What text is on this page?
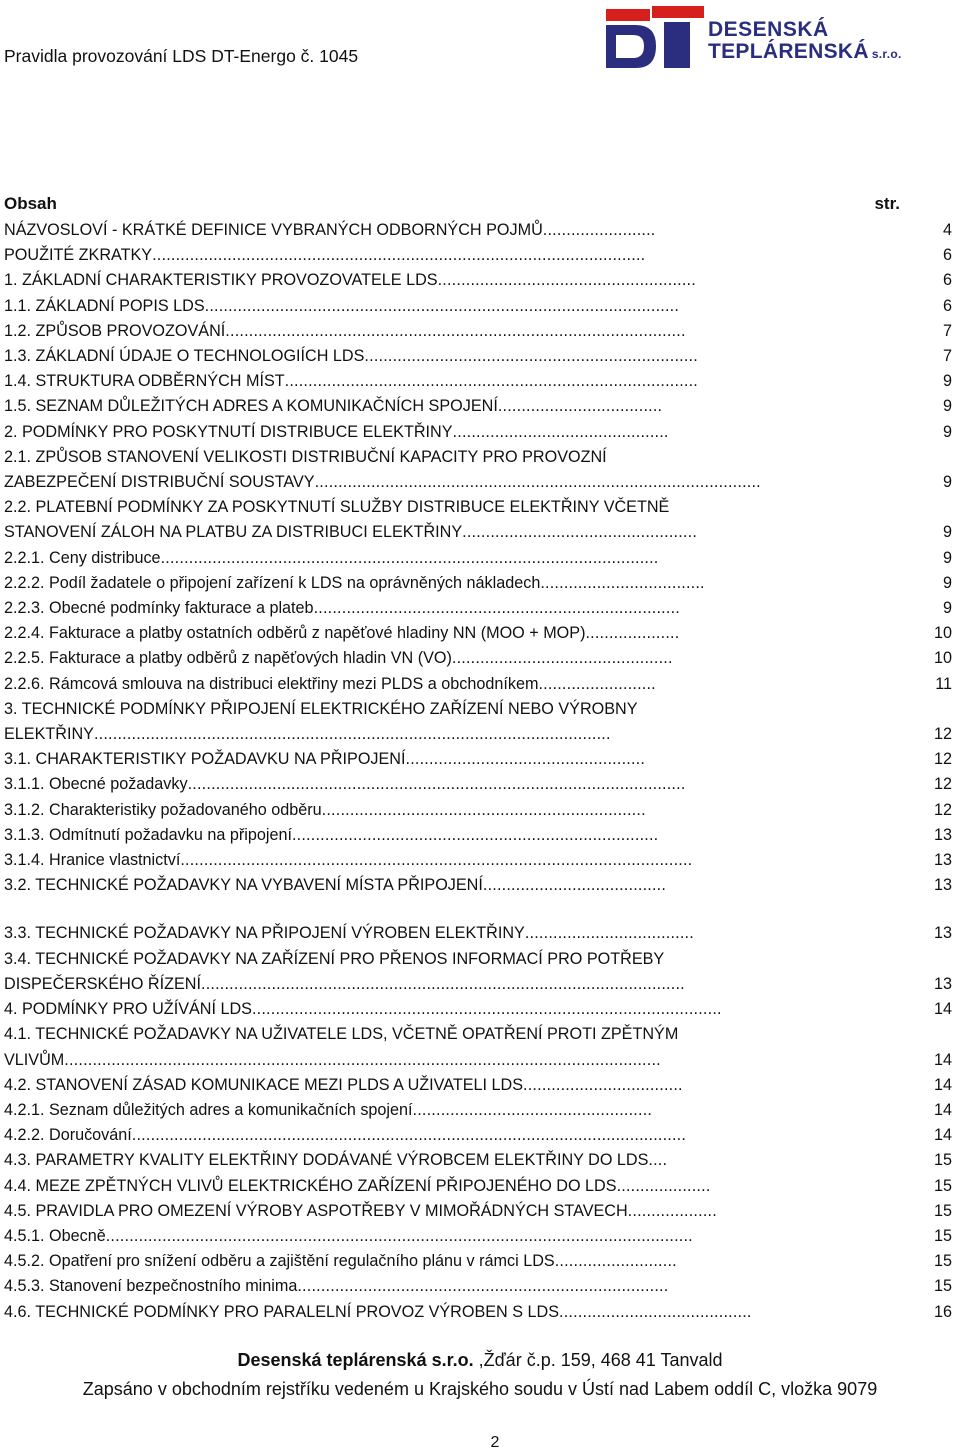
Pravidla provozování LDS DT-Energo č. 1045
DESENSKÁ
TEPLÁRENSKÁ s.r.o.
Obsah	str.
NÁZVOSLOVÍ - KRÁTKÉ DEFINICE VYBRANÝCH ODBORNÝCH POJMŮ........................	4
POUŽITÉ ZKRATKY.........................................................................................................	6
1. ZÁKLADNÍ CHARAKTERISTIKY PROVOZOVATELE LDS.......................................................	6
1.1. ZÁKLADNÍ POPIS LDS.....................................................................................................	6
1.2. ZPŮSOB PROVOZOVÁNÍ..................................................................................................	7
1.3. ZÁKLADNÍ ÚDAJE O TECHNOLOGIÍCH LDS.......................................................................	7
1.4. STRUKTURA ODBĚRNÝCH MÍST........................................................................................	9
1.5. SEZNAM DŮLEŽITÝCH ADRES A KOMUNIKAČNÍCH SPOJENÍ...................................	9
2. PODMÍNKY PRO POSKYTNUTÍ DISTRIBUCE ELEKTŘINY..............................................	9
2.1. ZPŮSOB STANOVENÍ VELIKOSTI DISTRIBUČNÍ KAPACITY PRO PROVOZNÍ
ZABEZPEČENÍ DISTRIBUČNÍ SOUSTAVY...............................................................................................	9
2.2. PLATEBNÍ PODMÍNKY ZA POSKYTNUTÍ SLUŽBY DISTRIBUCE ELEKTŘINY VČETNĚ
STANOVENÍ ZÁLOH NA PLATBU ZA DISTRIBUCI ELEKTŘINY..................................................	9
2.2.1. Ceny distribuce..........................................................................................................	9
2.2.2. Podíl žadatele o připojení zařízení k LDS na oprávněných nákladech...................................	9
2.2.3. Obecné podmínky fakturace a plateb..............................................................................	9
2.2.4. Fakturace a platby ostatních odběrů z napěťové hladiny NN (MOO + MOP)....................	10
2.2.5. Fakturace a platby odběrů z napěťových hladin VN (VO)...............................................	10
2.2.6. Rámcová smlouva na distribuci elektřiny mezi PLDS a obchodníkem.........................	11
3. TECHNICKÉ PODMÍNKY PŘIPOJENÍ ELEKTRICKÉHO ZAŘÍZENÍ NEBO VÝROBNY
ELEKTŘINY..............................................................................................................	12
3.1. CHARAKTERISTIKY POŽADAVKU NA PŘIPOJENÍ...................................................	12
3.1.1. Obecné požadavky..........................................................................................................	12
3.1.2. Charakteristiky požadovaného odběru.....................................................................	12
3.1.3. Odmítnutí požadavku na připojení..............................................................................	13
3.1.4. Hranice vlastnictví.............................................................................................................	13
3.2. TECHNICKÉ POŽADAVKY NA VYBAVENÍ MÍSTA PŘIPOJENÍ.......................................	13
3.3. TECHNICKÉ POŽADAVKY NA PŘIPOJENÍ VÝROBEN ELEKTŘINY....................................	13
3.4. TECHNICKÉ POŽADAVKY NA ZAŘÍZENÍ PRO PŘENOS INFORMACÍ PRO POTŘEBY
DISPEČERSKÉHO ŘÍZENÍ.......................................................................................................	13
4. PODMÍNKY PRO UŽÍVÁNÍ LDS....................................................................................................	14
4.1. TECHNICKÉ POŽADAVKY NA UŽIVATELE LDS, VČETNĚ OPATŘENÍ PROTI ZPĚTNÝM
VLIVŮM...............................................................................................................................	14
4.2. STANOVENÍ ZÁSAD KOMUNIKACE MEZI PLDS A UŽIVATELI LDS..................................	14
4.2.1. Seznam důležitých adres a komunikačních spojení...................................................	14
4.2.2. Doručování......................................................................................................................	14
4.3. PARAMETRY KVALITY ELEKTŘINY DODÁVANÉ VÝROBCEM ELEKTŘINY DO LDS....	15
4.4. MEZE ZPĚTNÝCH VLIVŮ ELEKTRICKÉHO ZAŘÍZENÍ PŘIPOJENÉHO DO LDS....................	15
4.5. PRAVIDLA PRO OMEZENÍ VÝROBY ASPOTŘEBY V MIMOŘÁDNÝCH STAVECH...................	15
4.5.1. Obecně.............................................................................................................................	15
4.5.2. Opatření pro snížení odběru a zajištění regulačního plánu v rámci LDS..........................	15
4.5.3. Stanovení bezpečnostního minima...............................................................................	15
4.6. TECHNICKÉ PODMÍNKY PRO PARALELNÍ PROVOZ VÝROBEN S LDS.........................................	16
Desenská teplárenská s.r.o. ,Žďár č.p. 159, 468 41 Tanvald
Zapsáno v obchodním rejstříku vedeném u Krajského soudu v Ústí nad Labem oddíl C, vložka 9079
2
